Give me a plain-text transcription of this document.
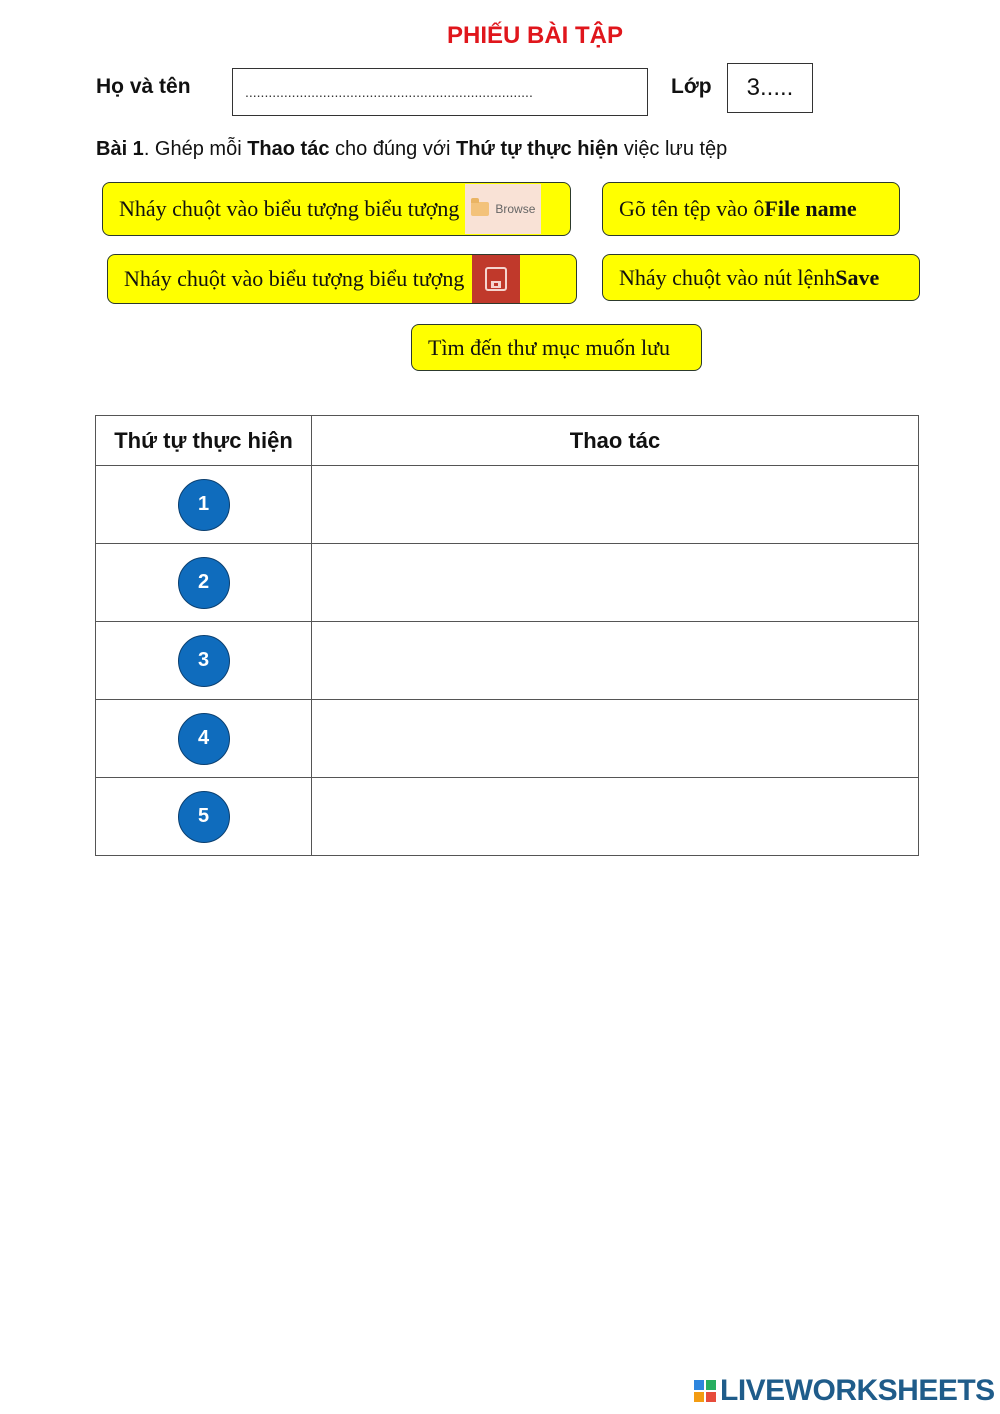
PHIẾU BÀI TẬP
Họ và tên	..........................................................................	Lớp	3.....
Bài 1. Ghép mỗi Thao tác cho đúng với Thứ tự thực hiện việc lưu tệp
Nháy chuột vào biểu tượng biểu tượng	Browse	Gõ tên tệp vào ô File name
Nháy chuột vào biểu tượng biểu tượng	Nháy chuột vào nút lệnh Save
Tìm đến thư mục muốn lưu
Thứ tự thực hiện	Thao tác
1	
2	
3	
4	
5	
LIVEWORKSHEETS
